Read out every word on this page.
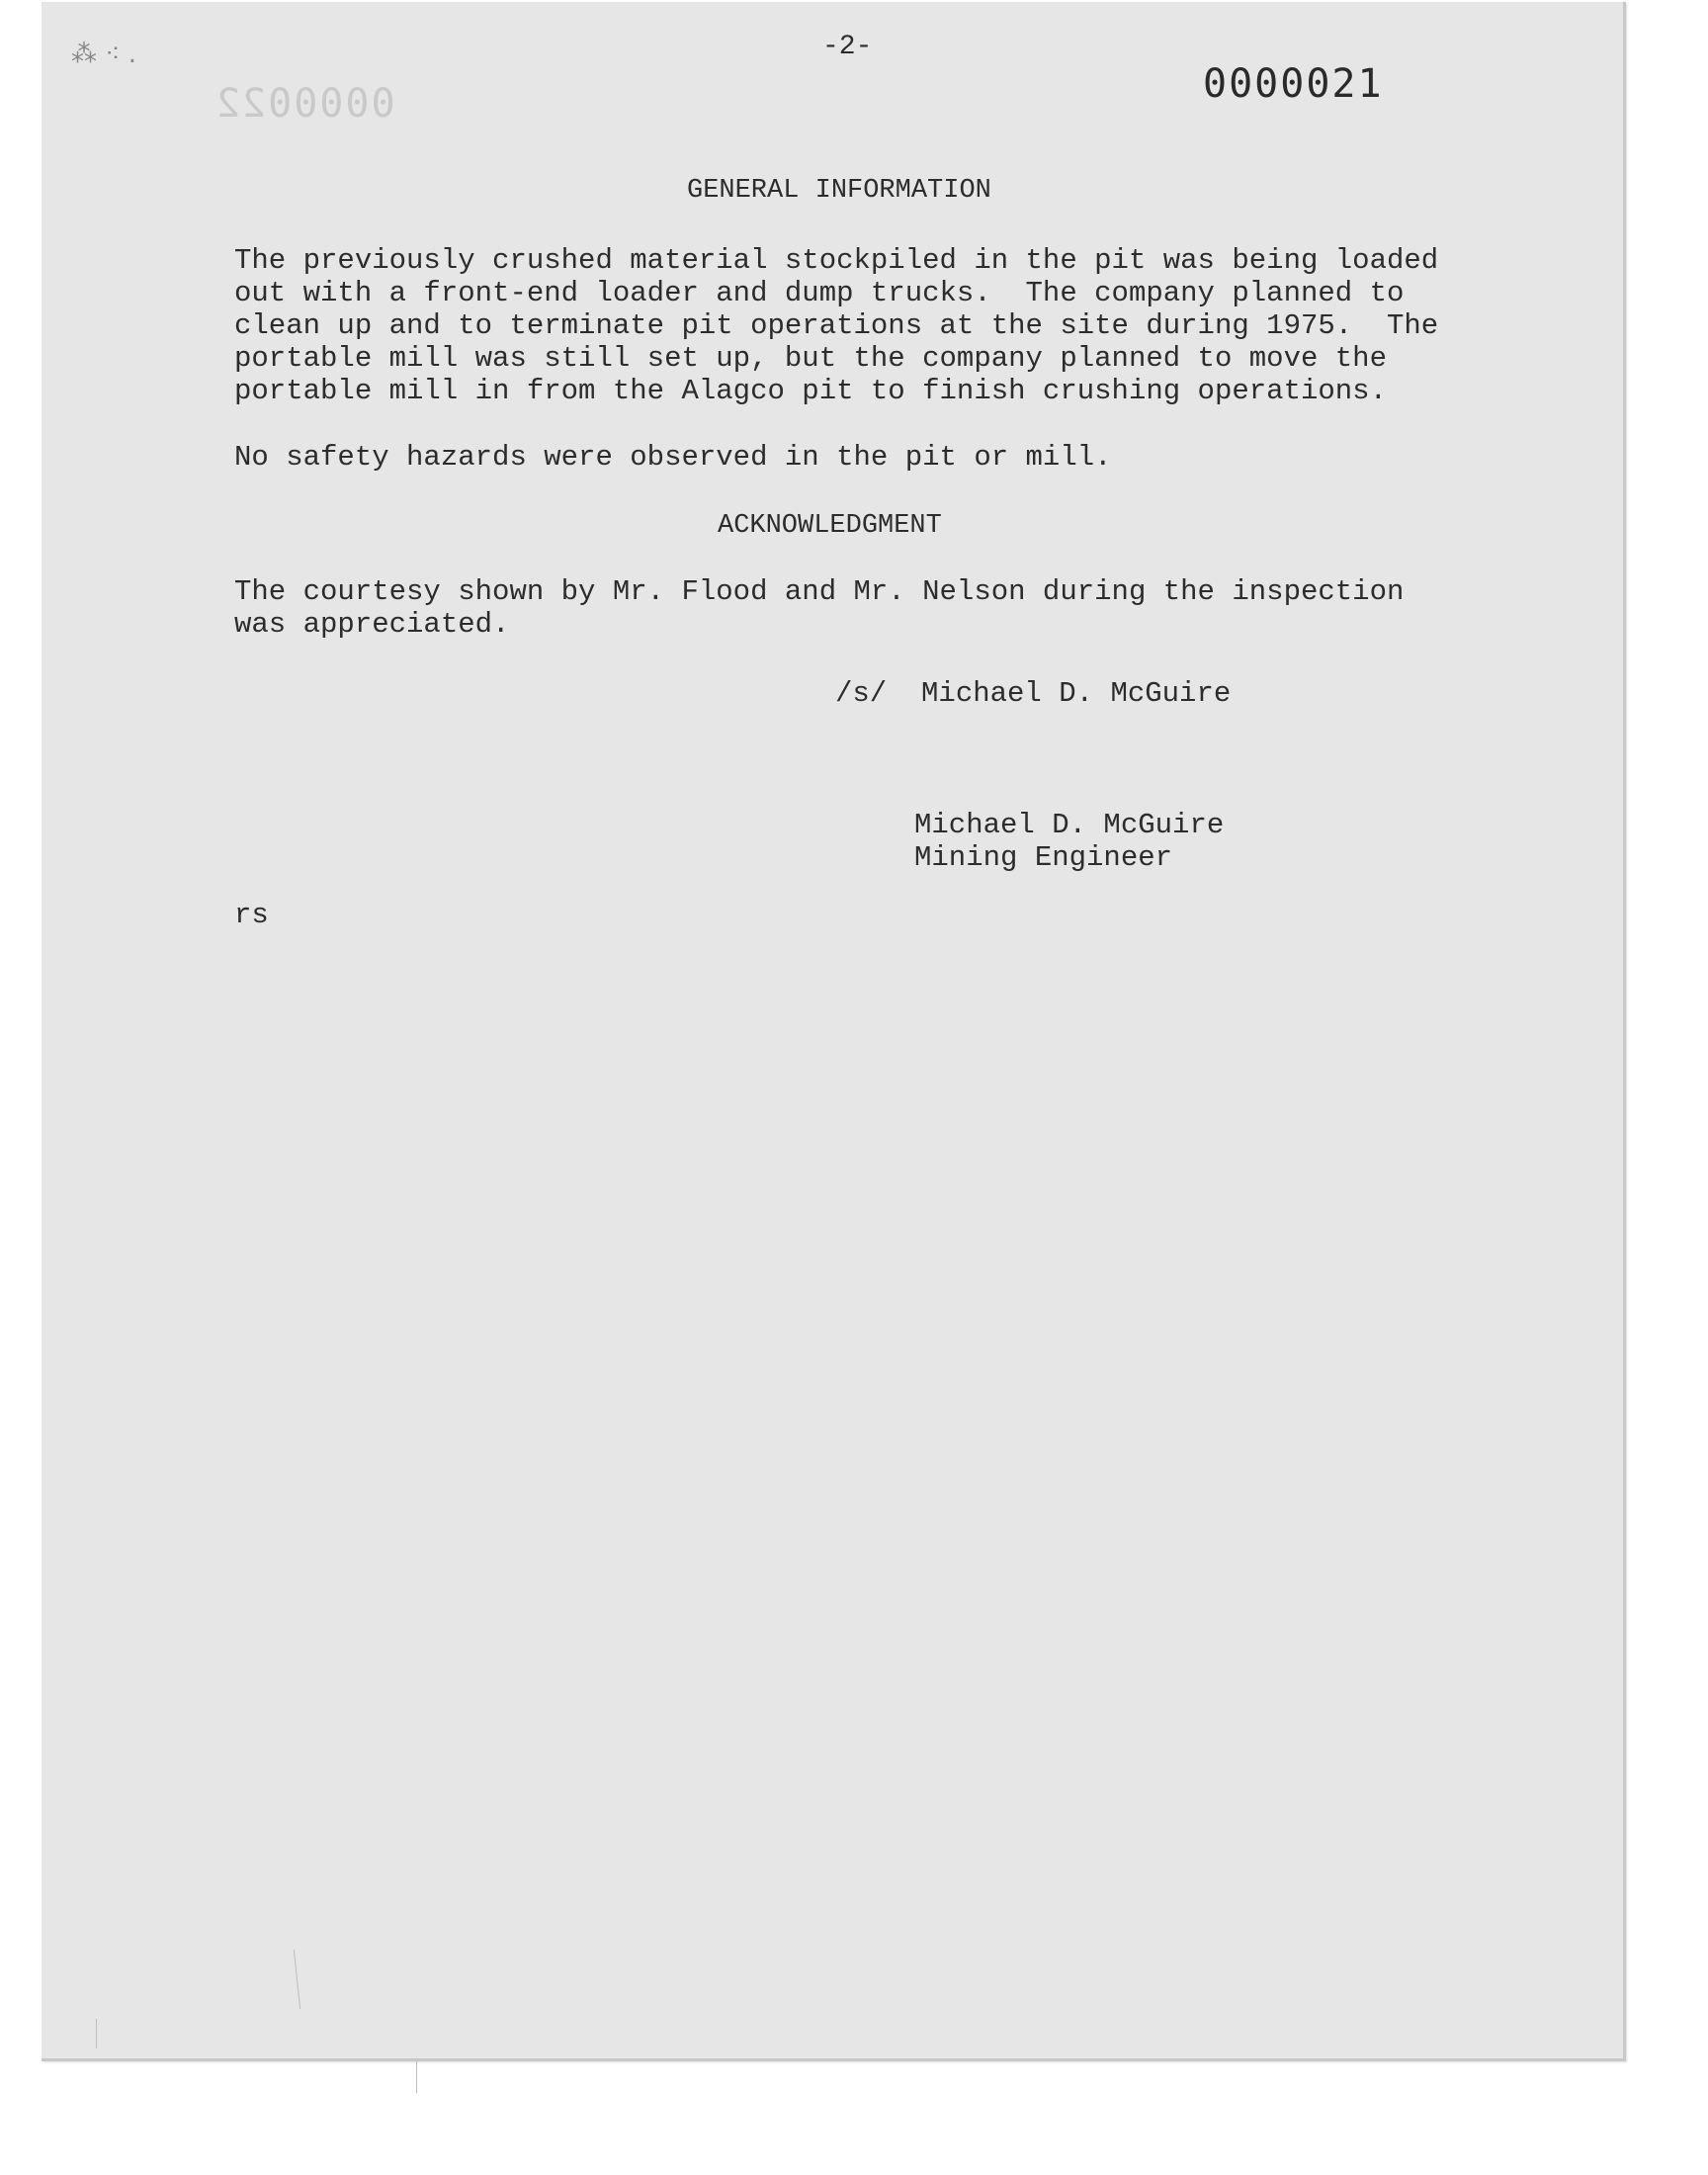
⁂ ⁖ .
0000022
-2-
0000021
GENERAL INFORMATION
The previously crushed material stockpiled in the pit was being loaded
out with a front-end loader and dump trucks.  The company planned to
clean up and to terminate pit operations at the site during 1975.  The
portable mill was still set up, but the company planned to move the
portable mill in from the Alagco pit to finish crushing operations.
No safety hazards were observed in the pit or mill.
ACKNOWLEDGMENT
The courtesy shown by Mr. Flood and Mr. Nelson during the inspection
was appreciated.
/s/  Michael D. McGuire
Michael D. McGuire
Mining Engineer
rs
